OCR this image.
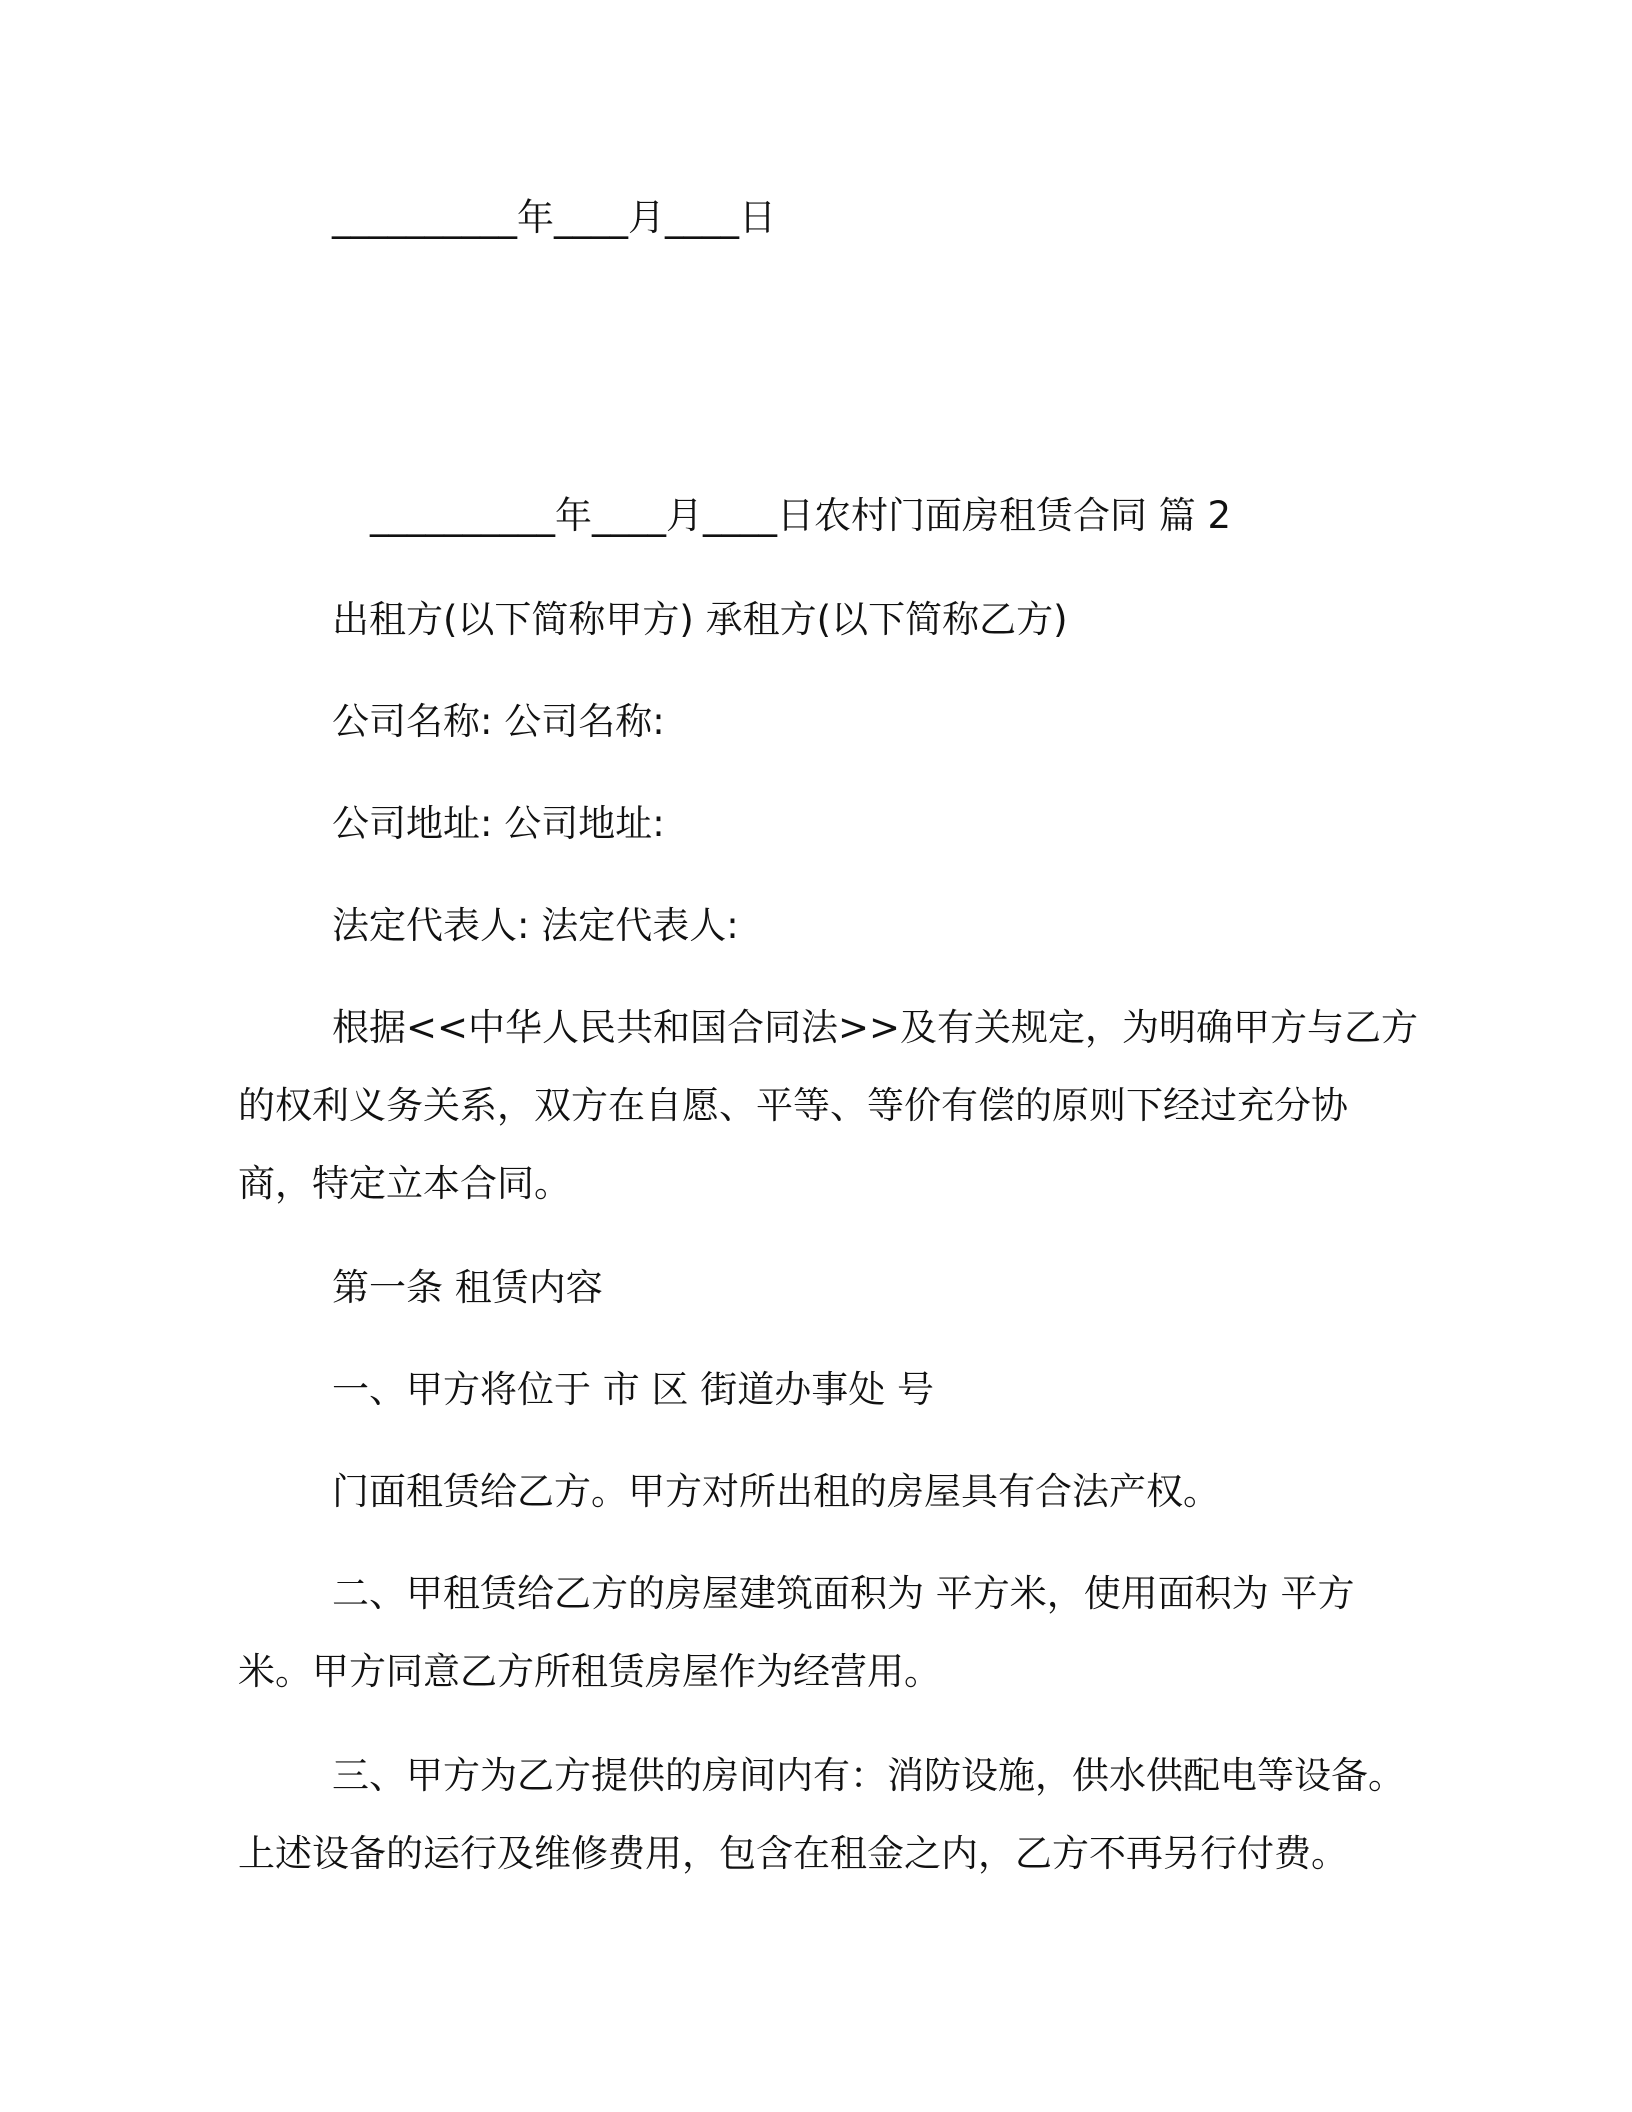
__________年____月____日

__________年____月____日农村门面房租赁合同 篇 2

出租方(以下简称甲方) 承租方(以下简称乙方)

公司名称: 公司名称:

公司地址: 公司地址:

法定代表人: 法定代表人:

根据<<中华人民共和国合同法>>及有关规定，为明确甲方与乙方

的权利义务关系，双方在自愿、平等、等价有偿的原则下经过充分协

商，特定立本合同。

第一条 租赁内容

一、甲方将位于 市 区 街道办事处 号

门面租赁给乙方。甲方对所出租的房屋具有合法产权。

二、甲租赁给乙方的房屋建筑面积为 平方米，使用面积为 平方

米。甲方同意乙方所租赁房屋作为经营用。

三、甲方为乙方提供的房间内有：消防设施，供水供配电等设备。

上述设备的运行及维修费用，包含在租金之内，乙方不再另行付费。
